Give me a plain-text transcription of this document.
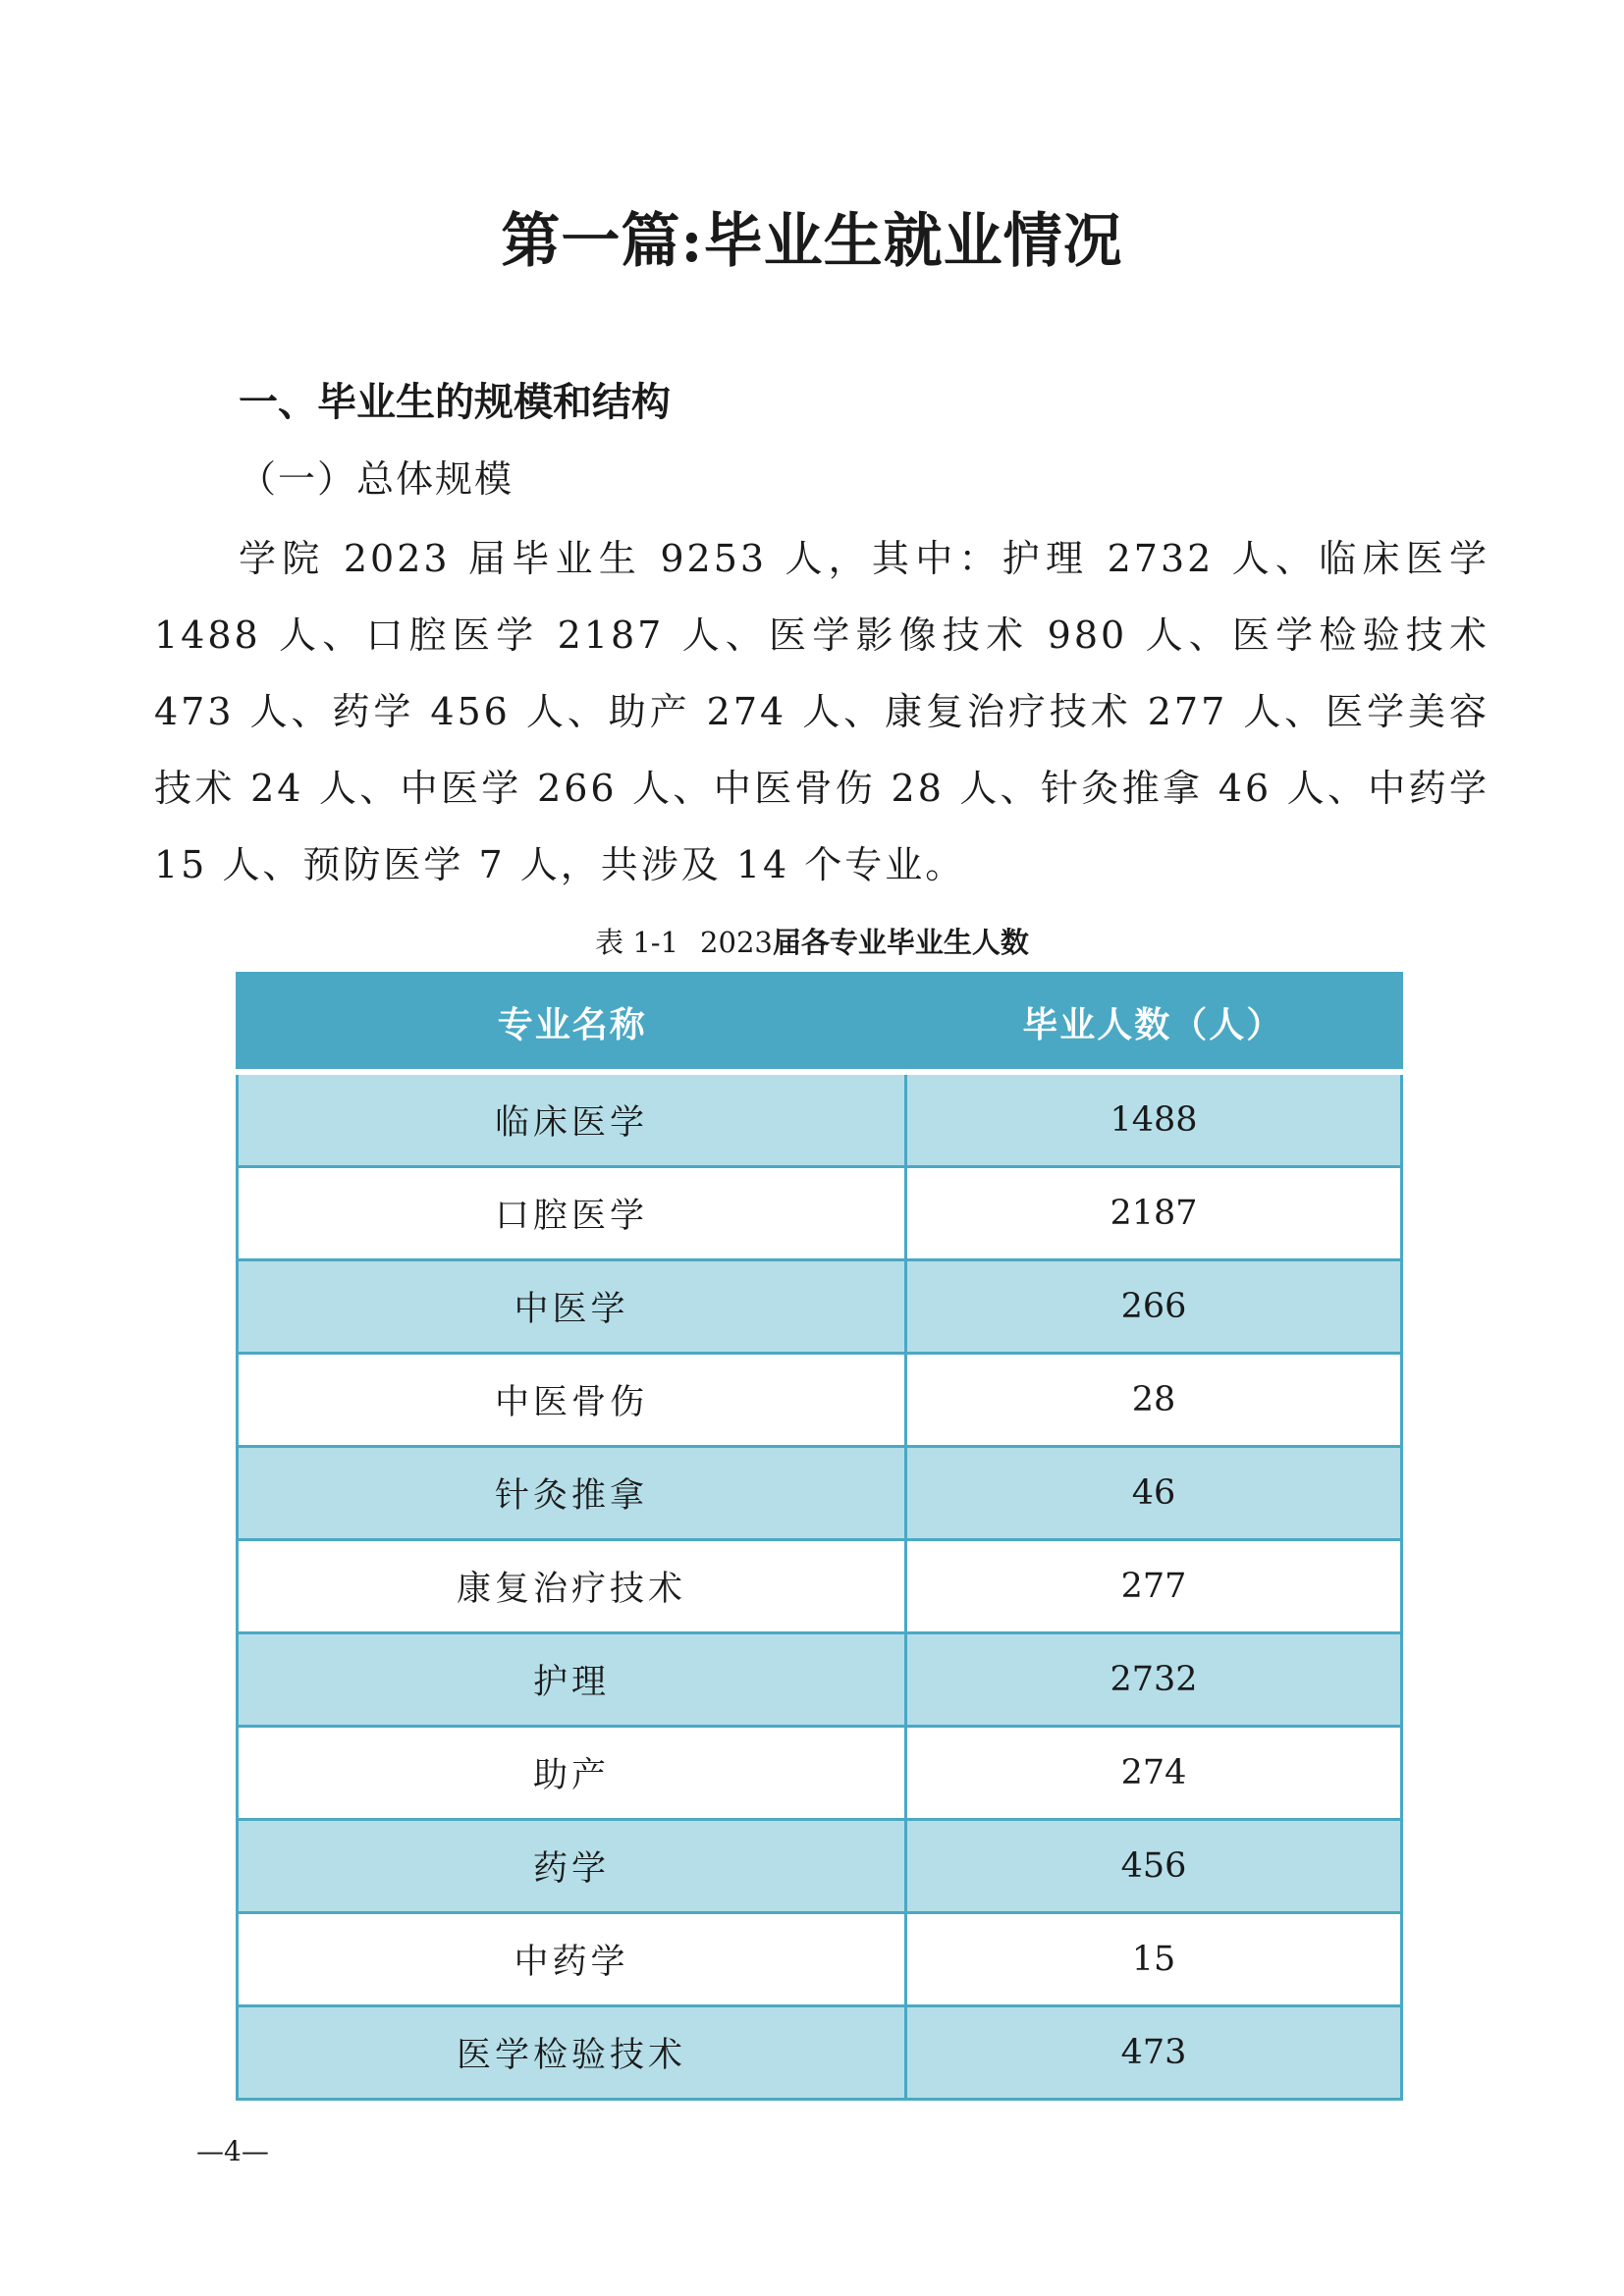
第一篇:毕业生就业情况
一、毕业生的规模和结构
（一）总体规模

学院 2023 届毕业生 9253 人，其中：护理 2732 人、临床医学 1488 人、口腔医学 2187 人、医学影像技术 980 人、医学检验技术 473 人、药学 456 人、助产 274 人、康复治疗技术 277 人、医学美容技术 24 人、中医学 266 人、中医骨伤 28 人、针灸推拿 46 人、中药学 15 人、预防医学 7 人，共涉及 14 个专业。

表 1-1 2023届各专业毕业生人数
专业名称	毕业人数（人）
临床医学	1488
口腔医学	2187
中医学	266
中医骨伤	28
针灸推拿	46
康复治疗技术	277
护理	2732
助产	274
药学	456
中药学	15
医学检验技术	473
—4—
